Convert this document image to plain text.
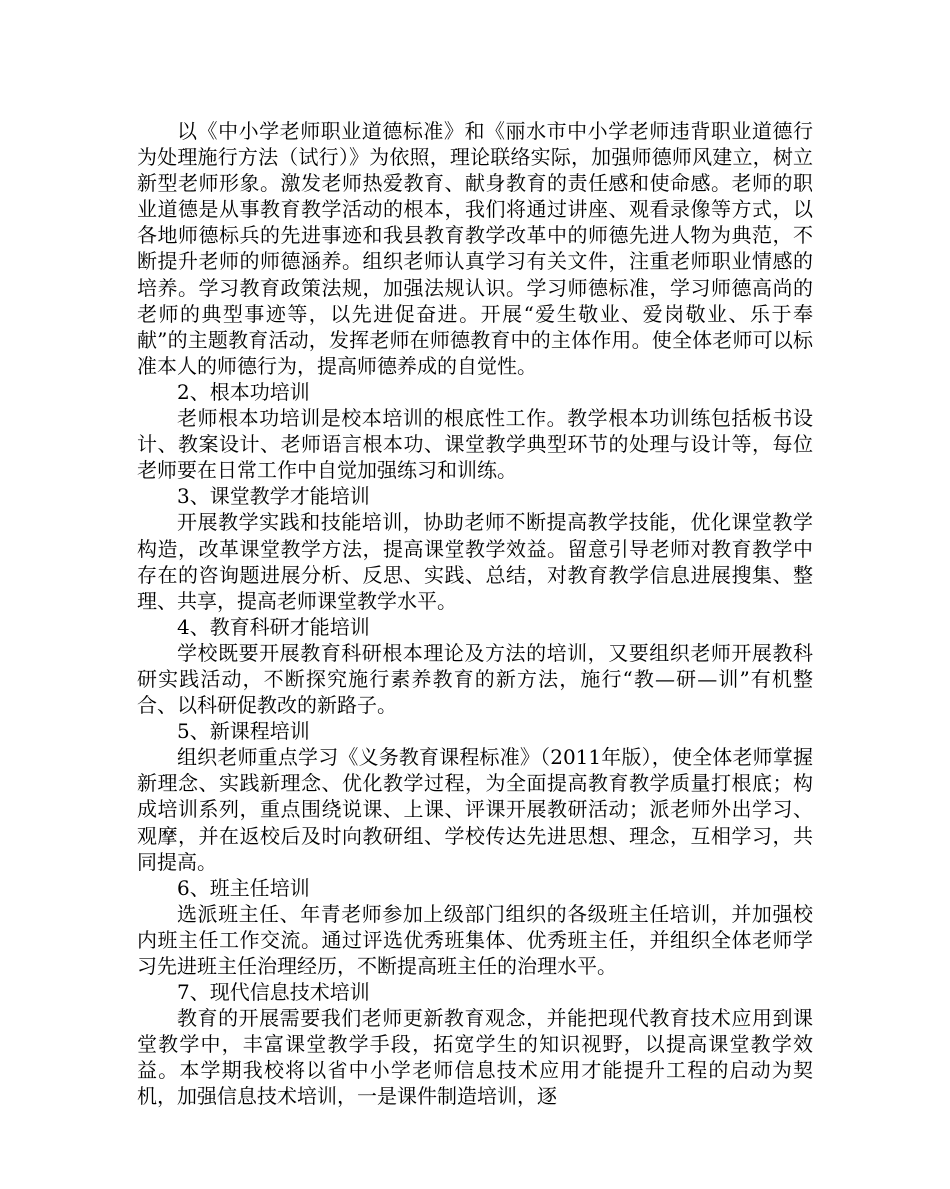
以《中小学老师职业道德标准》和《丽水市中小学老师违背职业道德行为处理施行方法（试行）》为依照，理论联络实际，加强师德师风建立，树立新型老师形象。激发老师热爱教育、献身教育的责任感和使命感。老师的职业道德是从事教育教学活动的根本，我们将通过讲座、观看录像等方式，以各地师德标兵的先进事迹和我县教育教学改革中的师德先进人物为典范，不断提升老师的师德涵养。组织老师认真学习有关文件，注重老师职业情感的培养。学习教育政策法规，加强法规认识。学习师德标准，学习师德高尚的老师的典型事迹等，以先进促奋进。开展“爱生敬业、爱岗敬业、乐于奉献”的主题教育活动，发挥老师在师德教育中的主体作用。使全体老师可以标准本人的师德行为，提高师德养成的自觉性。

2、根本功培训

老师根本功培训是校本培训的根底性工作。教学根本功训练包括板书设计、教案设计、老师语言根本功、课堂教学典型环节的处理与设计等，每位老师要在日常工作中自觉加强练习和训练。

3、课堂教学才能培训

开展教学实践和技能培训，协助老师不断提高教学技能，优化课堂教学构造，改革课堂教学方法，提高课堂教学效益。留意引导老师对教育教学中存在的咨询题进展分析、反思、实践、总结，对教育教学信息进展搜集、整理、共享，提高老师课堂教学水平。

4、教育科研才能培训

学校既要开展教育科研根本理论及方法的培训，又要组织老师开展教科研实践活动，不断探究施行素养教育的新方法，施行“教—研—训”有机整合、以科研促教改的新路子。

5、新课程培训

组织老师重点学习《义务教育课程标准》（2011年版），使全体老师掌握新理念、实践新理念、优化教学过程，为全面提高教育教学质量打根底；构成培训系列，重点围绕说课、上课、评课开展教研活动；派老师外出学习、观摩，并在返校后及时向教研组、学校传达先进思想、理念，互相学习，共同提高。

6、班主任培训

选派班主任、年青老师参加上级部门组织的各级班主任培训，并加强校内班主任工作交流。通过评选优秀班集体、优秀班主任，并组织全体老师学习先进班主任治理经历，不断提高班主任的治理水平。

7、现代信息技术培训

教育的开展需要我们老师更新教育观念，并能把现代教育技术应用到课堂教学中，丰富课堂教学手段，拓宽学生的知识视野，以提高课堂教学效益。本学期我校将以省中小学老师信息技术应用才能提升工程的启动为契机，加强信息技术培训，一是课件制造培训，逐
